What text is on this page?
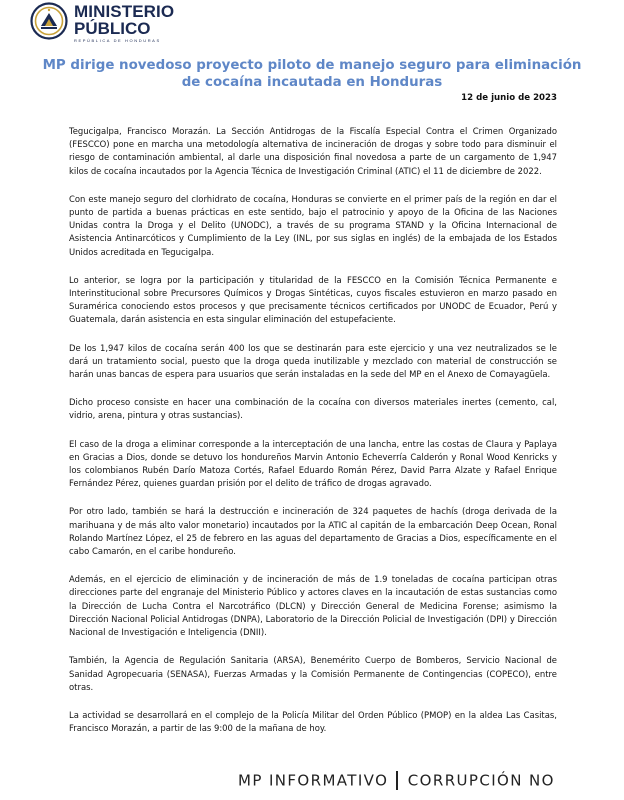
MINISTERIO
PÚBLICO
REPÚBLICA DE HONDURAS
MP dirige novedoso proyecto piloto de manejo seguro para eliminación de cocaína incautada en Honduras
12 de junio de 2023

Tegucigalpa, Francisco Morazán. La Sección Antidrogas de la Fiscalía Especial Contra el Crimen Organizado (FESCCO) pone en marcha una metodología alternativa de incineración de drogas y sobre todo para disminuir el riesgo de contaminación ambiental, al darle una disposición final novedosa a parte de un cargamento de 1,947 kilos de cocaína incautados por la Agencia Técnica de Investigación Criminal (ATIC) el 11 de diciembre de 2022.

Con este manejo seguro del clorhidrato de cocaína, Honduras se convierte en el primer país de la región en dar el punto de partida a buenas prácticas en este sentido, bajo el patrocinio y apoyo de la Oficina de las Naciones Unidas contra la Droga y el Delito (UNODC), a través de su programa STAND y la Oficina Internacional de Asistencia Antinarcóticos y Cumplimiento de la Ley (INL, por sus siglas en inglés) de la embajada de los Estados Unidos acreditada en Tegucigalpa.

Lo anterior, se logra por la participación y titularidad de la FESCCO en la Comisión Técnica Permanente e Interinstitucional sobre Precursores Químicos y Drogas Sintéticas, cuyos fiscales estuvieron en marzo pasado en Suramérica conociendo estos procesos y que precisamente técnicos certificados por UNODC de Ecuador, Perú y Guatemala, darán asistencia en esta singular eliminación del estupefaciente.

De los 1,947 kilos de cocaína serán 400 los que se destinarán para este ejercicio y una vez neutralizados se le dará un tratamiento social, puesto que la droga queda inutilizable y mezclado con material de construcción se harán unas bancas de espera para usuarios que serán instaladas en la sede del MP en el Anexo de Comayagüela.

Dicho proceso consiste en hacer una combinación de la cocaína con diversos materiales inertes (cemento, cal, vidrio, arena, pintura y otras sustancias).

El caso de la droga a eliminar corresponde a la interceptación de una lancha, entre las costas de Claura y Paplaya en Gracias a Dios, donde se detuvo los hondureños Marvin Antonio Echeverría Calderón y Ronal Wood Kenricks y los colombianos Rubén Darío Matoza Cortés, Rafael Eduardo Román Pérez, David Parra Alzate y Rafael Enrique Fernández Pérez, quienes guardan prisión por el delito de tráfico de drogas agravado.

Por otro lado, también se hará la destrucción e incineración de 324 paquetes de hachís (droga derivada de la marihuana y de más alto valor monetario) incautados por la ATIC al capitán de la embarcación Deep Ocean, Ronal Rolando Martínez López, el 25 de febrero en las aguas del departamento de Gracias a Dios, específicamente en el cabo Camarón, en el caribe hondureño.

Además, en el ejercicio de eliminación y de incineración de más de 1.9 toneladas de cocaína participan otras direcciones parte del engranaje del Ministerio Público y actores claves en la incautación de estas sustancias como la Dirección de Lucha Contra el Narcotráfico (DLCN) y Dirección General de Medicina Forense; asimismo la Dirección Nacional Policial Antidrogas (DNPA), Laboratorio de la Dirección Policial de Investigación (DPI) y Dirección Nacional de Investigación e Inteligencia (DNII).

También, la Agencia de Regulación Sanitaria (ARSA), Benemérito Cuerpo de Bomberos, Servicio Nacional de Sanidad Agropecuaria (SENASA), Fuerzas Armadas y la Comisión Permanente de Contingencias (COPECO), entre otras.

La actividad se desarrollará en el complejo de la Policía Militar del Orden Público (PMOP) en la aldea Las Casitas, Francisco Morazán, a partir de las 9:00 de la mañana de hoy.

MP INFORMATIVO CORRUPCIÓN NO
